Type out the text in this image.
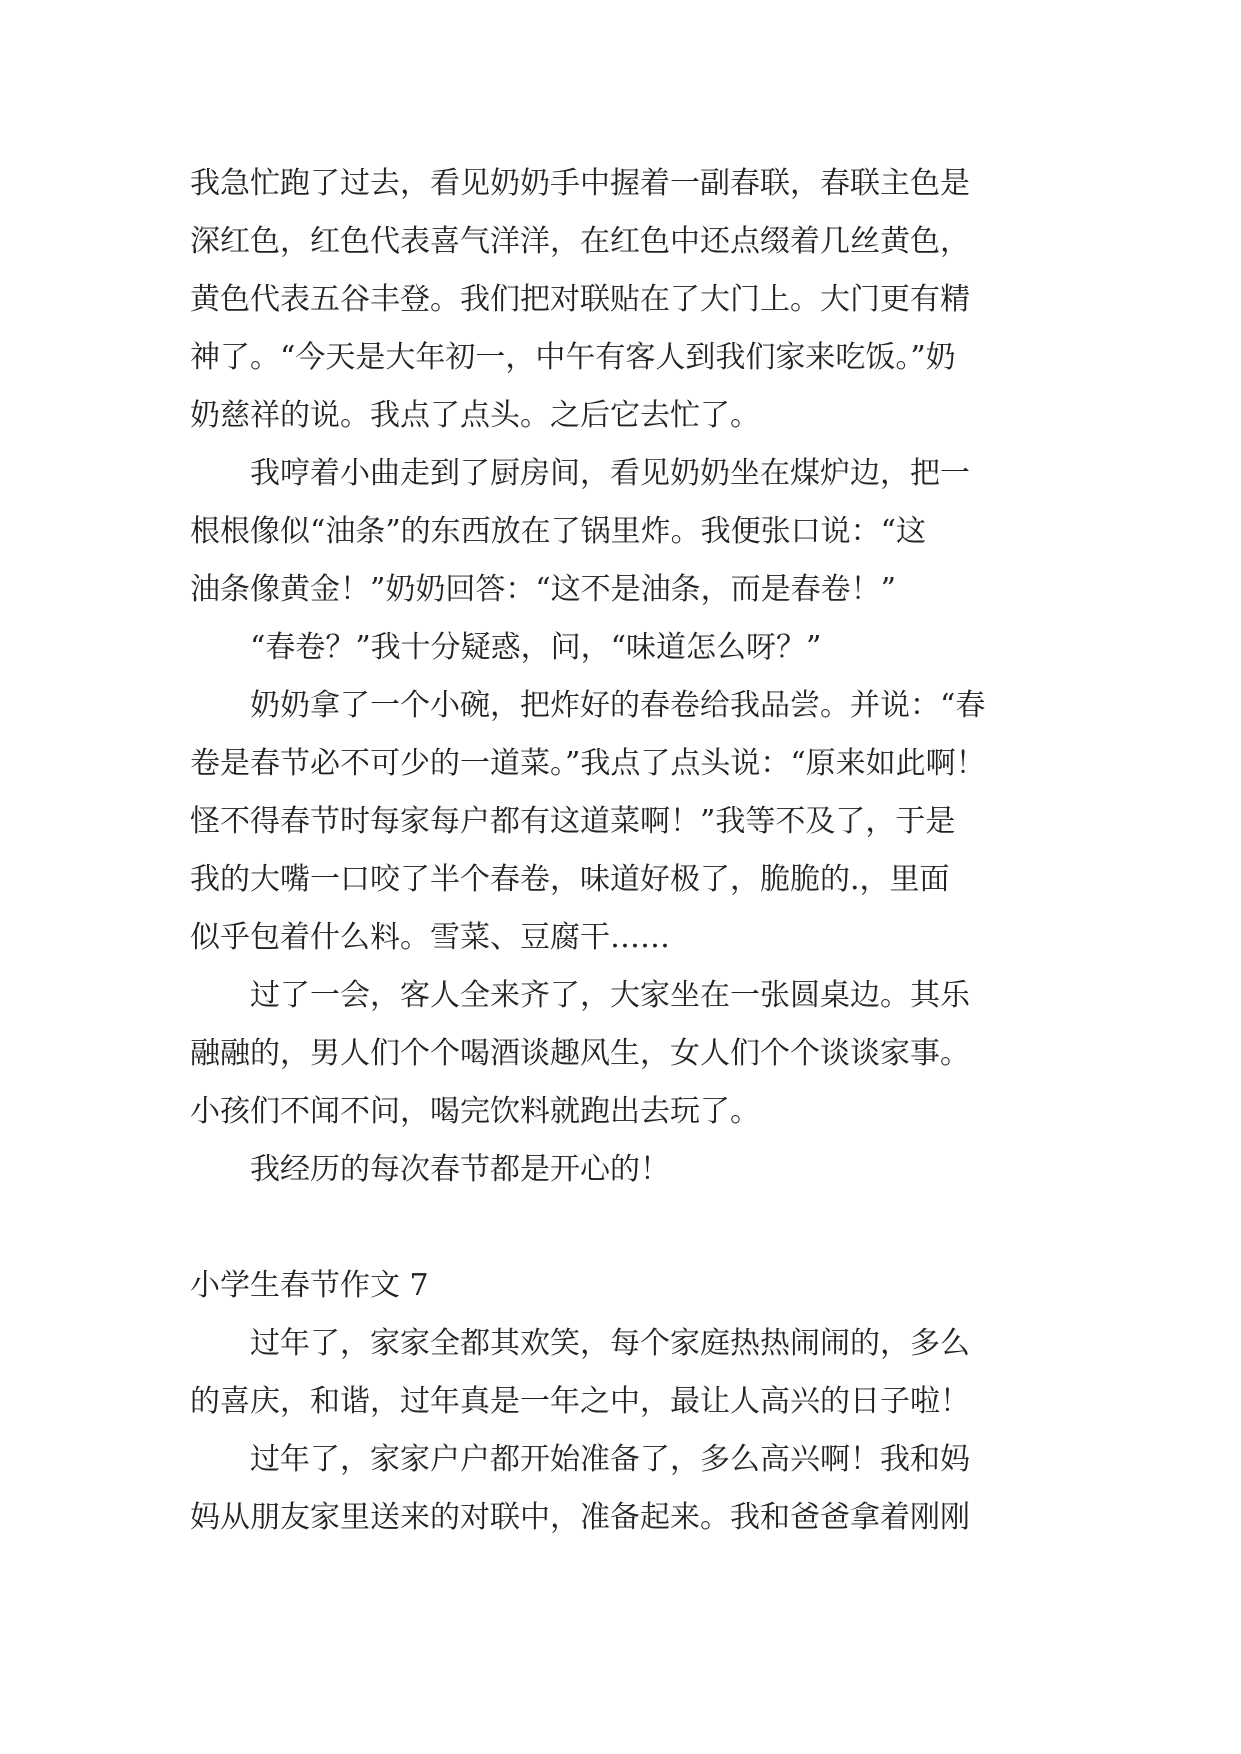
我急忙跑了过去，看见奶奶手中握着一副春联，春联主色是
深红色，红色代表喜气洋洋，在红色中还点缀着几丝黄色，
黄色代表五谷丰登。我们把对联贴在了大门上。大门更有精
神了。“今天是大年初一，中午有客人到我们家来吃饭。”奶
奶慈祥的说。我点了点头。之后它去忙了。
　　我哼着小曲走到了厨房间，看见奶奶坐在煤炉边，把一
根根像似“油条”的东西放在了锅里炸。我便张口说：“这
油条像黄金！”奶奶回答：“这不是油条，而是春卷！”
　　“春卷？”我十分疑惑，问，“味道怎么呀？”
　　奶奶拿了一个小碗，把炸好的春卷给我品尝。并说：“春
卷是春节必不可少的一道菜。”我点了点头说：“原来如此啊！
怪不得春节时每家每户都有这道菜啊！”我等不及了，于是
我的大嘴一口咬了半个春卷，味道好极了，脆脆的.，里面
似乎包着什么料。雪菜、豆腐干……
　　过了一会，客人全来齐了，大家坐在一张圆桌边。其乐
融融的，男人们个个喝酒谈趣风生，女人们个个谈谈家事。
小孩们不闻不问，喝完饮料就跑出去玩了。
　　我经历的每次春节都是开心的！
小学生春节作文 7
　　过年了，家家全都其欢笑，每个家庭热热闹闹的，多么
的喜庆，和谐，过年真是一年之中，最让人高兴的日子啦！
　　过年了，家家户户都开始准备了，多么高兴啊！我和妈
妈从朋友家里送来的对联中，准备起来。我和爸爸拿着刚刚
